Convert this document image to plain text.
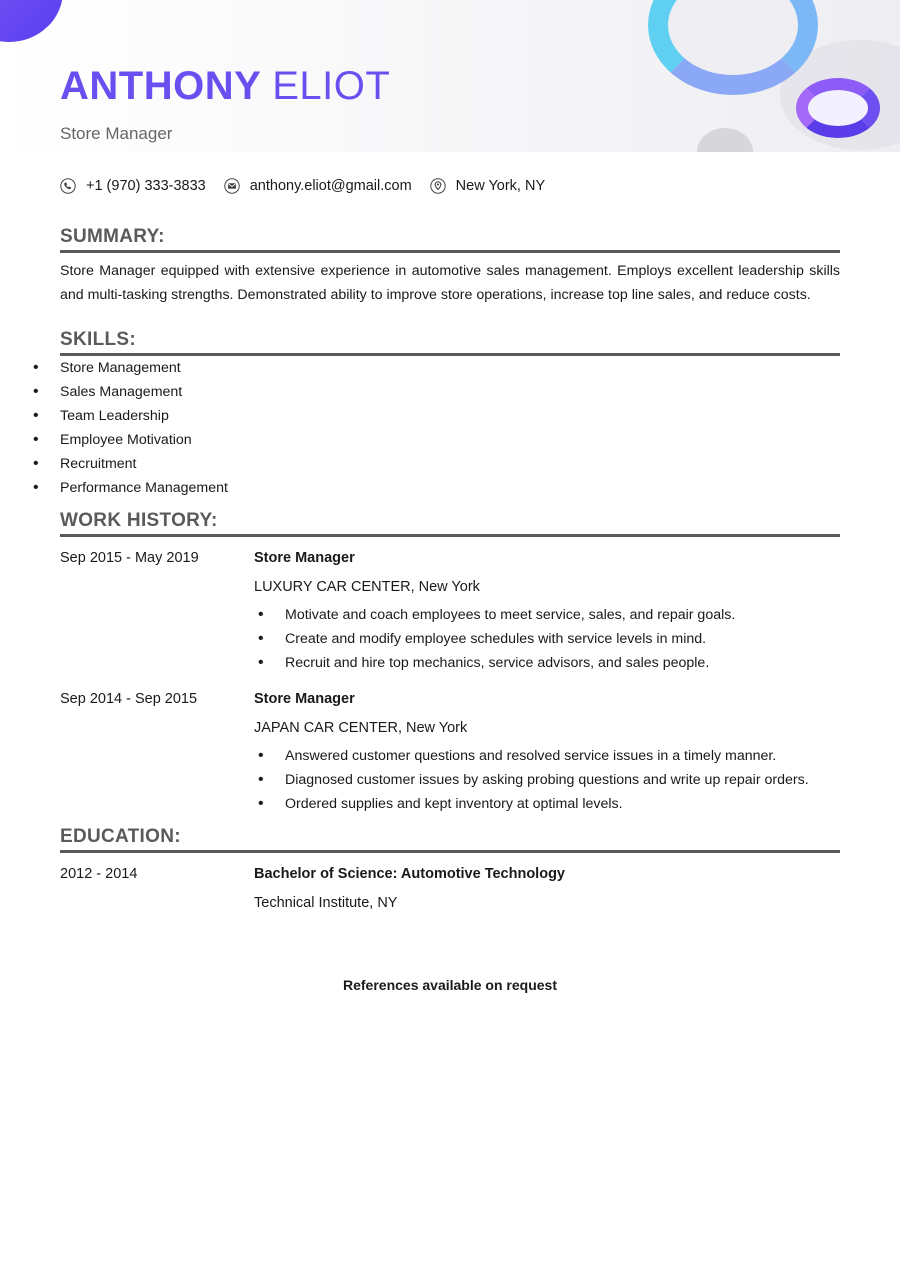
ANTHONY ELIOT
Store Manager
+1 (970) 333-3833	anthony.eliot@gmail.com	New York, NY
SUMMARY:
Store Manager equipped with extensive experience in automotive sales management. Employs excellent leadership skills and multi-tasking strengths. Demonstrated ability to improve store operations, increase top line sales, and reduce costs.
SKILLS:
• Store Management
• Sales Management
• Team Leadership
• Employee Motivation
• Recruitment
• Performance Management
WORK HISTORY:
Sep 2015 - May 2019	Store Manager
LUXURY CAR CENTER, New York
• Motivate and coach employees to meet service, sales, and repair goals.
• Create and modify employee schedules with service levels in mind.
• Recruit and hire top mechanics, service advisors, and sales people.
Sep 2014 - Sep 2015	Store Manager
JAPAN CAR CENTER, New York
• Answered customer questions and resolved service issues in a timely manner.
• Diagnosed customer issues by asking probing questions and write up repair orders.
• Ordered supplies and kept inventory at optimal levels.
EDUCATION:
2012 - 2014	Bachelor of Science: Automotive Technology
Technical Institute, NY
References available on request
